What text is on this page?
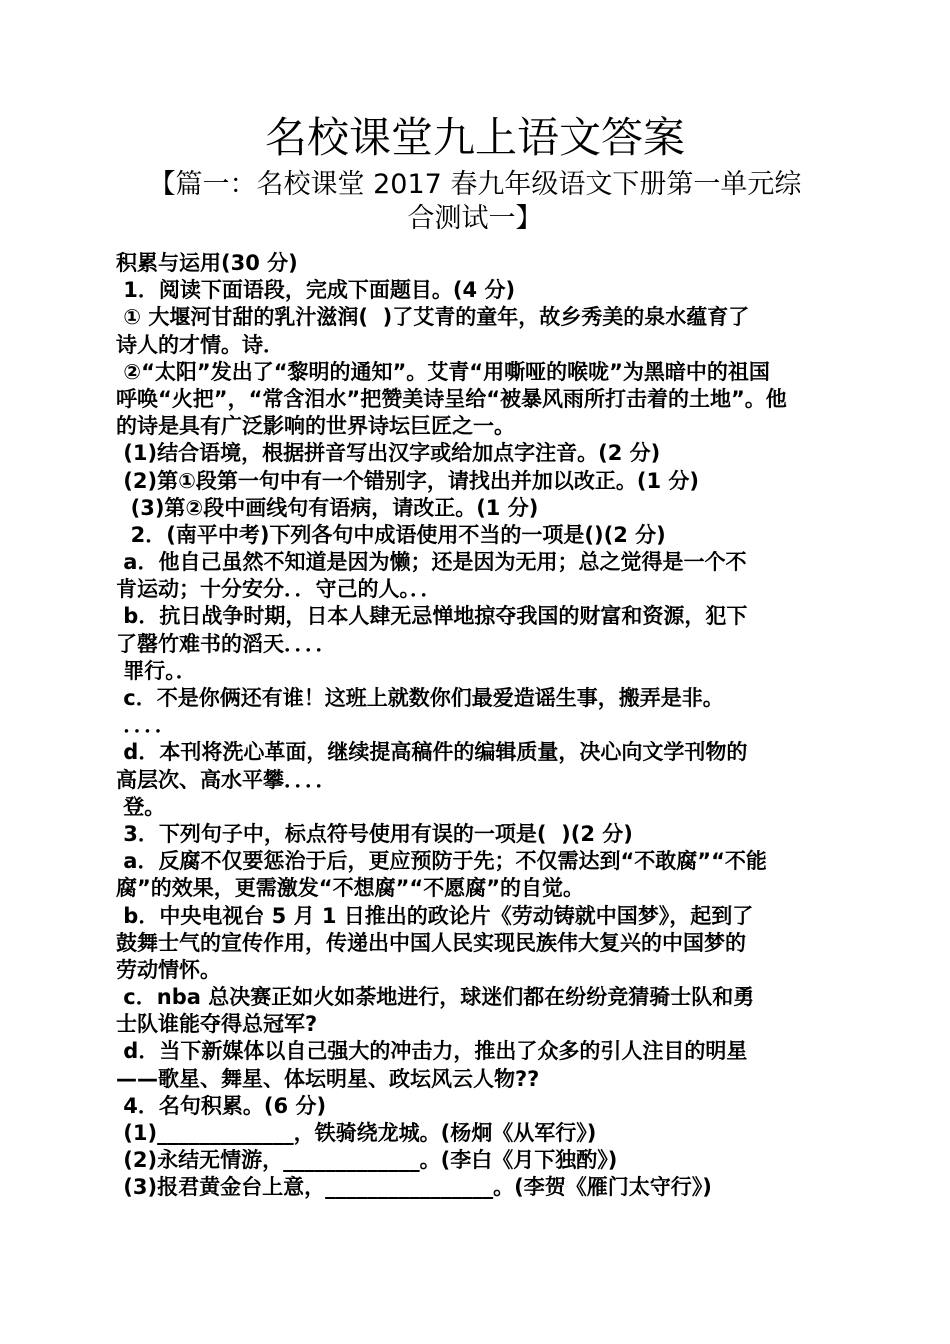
名校课堂九上语文答案
【篇一：名校课堂 2017 春九年级语文下册第一单元综
合测试一】
积累与运用(30 分)
1．阅读下面语段，完成下面题目。(4 分)
① 大堰河甘甜的乳汁滋润(  )了艾青的童年，故乡秀美的泉水蕴育了
诗人的才情。诗．
②“太阳”发出了“黎明的通知”。艾青“用嘶哑的喉咙”为黑暗中的祖国
呼唤“火把”，“常含泪水”把赞美诗呈给“被暴风雨所打击着的土地”。他
的诗是具有广泛影响的世界诗坛巨匠之一。
(1)结合语境，根据拼音写出汉字或给加点字注音。(2 分)
(2)第①段第一句中有一个错别字，请找出并加以改正。(1 分)
(3)第②段中画线句有语病，请改正。(1 分)
2．(南平中考)下列各句中成语使用不当的一项是()(2 分)
a．他自己虽然不知道是因为懒；还是因为无用；总之觉得是一个不
肯运动；十分安分．．守己的人。．．
b．抗日战争时期，日本人肆无忌惮地掠夺我国的财富和资源，犯下
了罄竹难书的滔天．．．．
罪行。．
c．不是你俩还有谁！这班上就数你们最爱造谣生事，搬弄是非。
．．．．
d．本刊将洗心革面，继续提高稿件的编辑质量，决心向文学刊物的
高层次、高水平攀．．．．
登。
3．下列句子中，标点符号使用有误的一项是(  )(2 分)
a．反腐不仅要惩治于后，更应预防于先；不仅需达到“不敢腐”“不能
腐”的效果，更需激发“不想腐”“不愿腐”的自觉。
b．中央电视台 5 月 1 日推出的政论片《劳动铸就中国梦》，起到了
鼓舞士气的宣传作用，传递出中国人民实现民族伟大复兴的中国梦的
劳动情怀。
c．nba 总决赛正如火如荼地进行，球迷们都在纷纷竞猜骑士队和勇
士队谁能夺得总冠军?
d．当下新媒体以自己强大的冲击力，推出了众多的引人注目的明星
——歌星、舞星、体坛明星、政坛风云人物??
4．名句积累。(6 分)
(1)_____________，铁骑绕龙城。(杨炯《从军行》)
(2)永结无情游，_____________。(李白《月下独酌》)
(3)报君黄金台上意，________________。(李贺《雁门太守行》)
